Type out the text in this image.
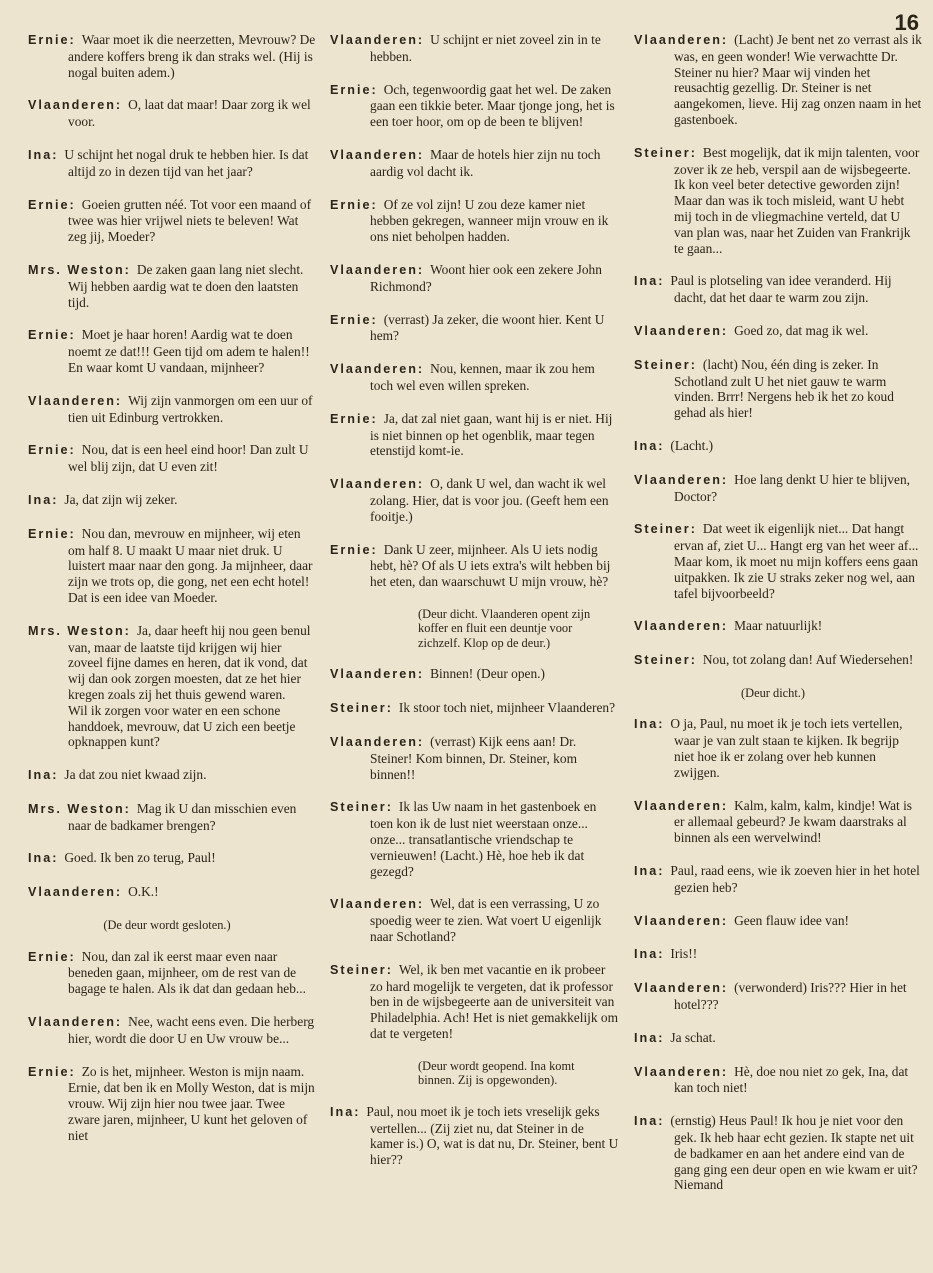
16
Ernie: Waar moet ik die neerzetten, Mevrouw? De andere koffers breng ik dan straks wel. (Hij is nogal buiten adem.)
Vlaanderen: O, laat dat maar! Daar zorg ik wel voor.
Ina: U schijnt het nogal druk te hebben hier. Is dat altijd zo in dezen tijd van het jaar?
Ernie: Goeien grutten néé. Tot voor een maand of twee was hier vrijwel niets te beleven! Wat zeg jij, Moeder?
Mrs. Weston: De zaken gaan lang niet slecht. Wij hebben aardig wat te doen den laatsten tijd.
Ernie: Moet je haar horen! Aardig wat te doen noemt ze dat!!! Geen tijd om adem te halen!! En waar komt U vandaan, mijnheer?
Vlaanderen: Wij zijn vanmorgen om een uur of tien uit Edinburg vertrokken.
Ernie: Nou, dat is een heel eind hoor! Dan zult U wel blij zijn, dat U even zit!
Ina: Ja, dat zijn wij zeker.
Ernie: Nou dan, mevrouw en mijnheer, wij eten om half 8. U maakt U maar niet druk. U luistert maar naar den gong. Ja mijnheer, daar zijn we trots op, die gong, net een echt hotel! Dat is een idee van Moeder.
Mrs. Weston: Ja, daar heeft hij nou geen benul van, maar de laatste tijd krijgen wij hier zoveel fijne dames en heren, dat ik vond, dat wij dan ook zorgen moesten, dat ze het hier kregen zoals zij het thuis gewend waren.
Wil ik zorgen voor water en een schone handdoek, mevrouw, dat U zich een beetje opknappen kunt?
Ina: Ja dat zou niet kwaad zijn.
Mrs. Weston: Mag ik U dan misschien even naar de badkamer brengen?
Ina: Goed. Ik ben zo terug, Paul!
Vlaanderen: O.K.!
(De deur wordt gesloten.)
Ernie: Nou, dan zal ik eerst maar even naar beneden gaan, mijnheer, om de rest van de bagage te halen. Als ik dat dan gedaan heb...
Vlaanderen: Nee, wacht eens even. Die herberg hier, wordt die door U en Uw vrouw be...
Ernie: Zo is het, mijnheer. Weston is mijn naam. Ernie, dat ben ik en Molly Weston, dat is mijn vrouw. Wij zijn hier nou twee jaar. Twee zware jaren, mijnheer, U kunt het geloven of niet
Vlaanderen: U schijnt er niet zoveel zin in te hebben.
Ernie: Och, tegenwoordig gaat het wel. De zaken gaan een tikkie beter. Maar tjonge jong, het is een toer hoor, om op de been te blijven!
Vlaanderen: Maar de hotels hier zijn nu toch aardig vol dacht ik.
Ernie: Of ze vol zijn! U zou deze kamer niet hebben gekregen, wanneer mijn vrouw en ik ons niet beholpen hadden.
Vlaanderen: Woont hier ook een zekere John Richmond?
Ernie: (verrast) Ja zeker, die woont hier. Kent U hem?
Vlaanderen: Nou, kennen, maar ik zou hem toch wel even willen spreken.
Ernie: Ja, dat zal niet gaan, want hij is er niet. Hij is niet binnen op het ogenblik, maar tegen etenstijd komt-ie.
Vlaanderen: O, dank U wel, dan wacht ik wel zolang. Hier, dat is voor jou. (Geeft hem een fooitje.)
Ernie: Dank U zeer, mijnheer. Als U iets nodig hebt, hè? Of als U iets extra's wilt hebben bij het eten, dan waarschuwt U mijn vrouw, hè?
(Deur dicht. Vlaanderen opent zijn koffer en fluit een deuntje voor zichzelf. Klop op de deur.)
Vlaanderen: Binnen! (Deur open.)
Steiner: Ik stoor toch niet, mijnheer Vlaanderen?
Vlaanderen: (verrast) Kijk eens aan! Dr. Steiner! Kom binnen, Dr. Steiner, kom binnen!!
Steiner: Ik las Uw naam in het gastenboek en toen kon ik de lust niet weerstaan onze... onze... transatlantische vriendschap te vernieuwen! (Lacht.) Hè, hoe heb ik dat gezegd?
Vlaanderen: Wel, dat is een verrassing, U zo spoedig weer te zien. Wat voert U eigenlijk naar Schotland?
Steiner: Wel, ik ben met vacantie en ik probeer zo hard mogelijk te vergeten, dat ik professor ben in de wijsbegeerte aan de universiteit van Philadelphia. Ach! Het is niet gemakkelijk om dat te vergeten!
(Deur wordt geopend. Ina komt binnen. Zij is opgewonden).
Ina: Paul, nou moet ik je toch iets vreselijk geks vertellen... (Zij ziet nu, dat Steiner in de kamer is.) O, wat is dat nu, Dr. Steiner, bent U hier??
Vlaanderen: (Lacht) Je bent net zo verrast als ik was, en geen wonder! Wie verwachtte Dr. Steiner nu hier? Maar wij vinden het reusachtig gezellig. Dr. Steiner is net aangekomen, lieve. Hij zag onzen naam in het gastenboek.
Steiner: Best mogelijk, dat ik mijn talenten, voor zover ik ze heb, verspil aan de wijsbegeerte. Ik kon veel beter detective geworden zijn!
Maar dan was ik toch misleid, want U hebt mij toch in de vliegmachine verteld, dat U van plan was, naar het Zuiden van Frankrijk te gaan...
Ina: Paul is plotseling van idee veranderd. Hij dacht, dat het daar te warm zou zijn.
Vlaanderen: Goed zo, dat mag ik wel.
Steiner: (lacht) Nou, één ding is zeker. In Schotland zult U het niet gauw te warm vinden. Brrr! Nergens heb ik het zo koud gehad als hier!
Ina: (Lacht.)
Vlaanderen: Hoe lang denkt U hier te blijven, Doctor?
Steiner: Dat weet ik eigenlijk niet... Dat hangt ervan af, ziet U... Hangt erg van het weer af... Maar kom, ik moet nu mijn koffers eens gaan uitpakken. Ik zie U straks zeker nog wel, aan tafel bijvoorbeeld?
Vlaanderen: Maar natuurlijk!
Steiner: Nou, tot zolang dan! Auf Wiedersehen!
(Deur dicht.)
Ina: O ja, Paul, nu moet ik je toch iets vertellen, waar je van zult staan te kijken. Ik begrijp niet hoe ik er zolang over heb kunnen zwijgen.
Vlaanderen: Kalm, kalm, kalm, kindje! Wat is er allemaal gebeurd? Je kwam daarstraks al binnen als een wervelwind!
Ina: Paul, raad eens, wie ik zoeven hier in het hotel gezien heb?
Vlaanderen: Geen flauw idee van!
Ina: Iris!!
Vlaanderen: (verwonderd) Iris??? Hier in het hotel???
Ina: Ja schat.
Vlaanderen: Hè, doe nou niet zo gek, Ina, dat kan toch niet!
Ina: (ernstig) Heus Paul! Ik hou je niet voor den gek. Ik heb haar echt gezien. Ik stapte net uit de badkamer en aan het andere eind van de gang ging een deur open en wie kwam er uit? Niemand
